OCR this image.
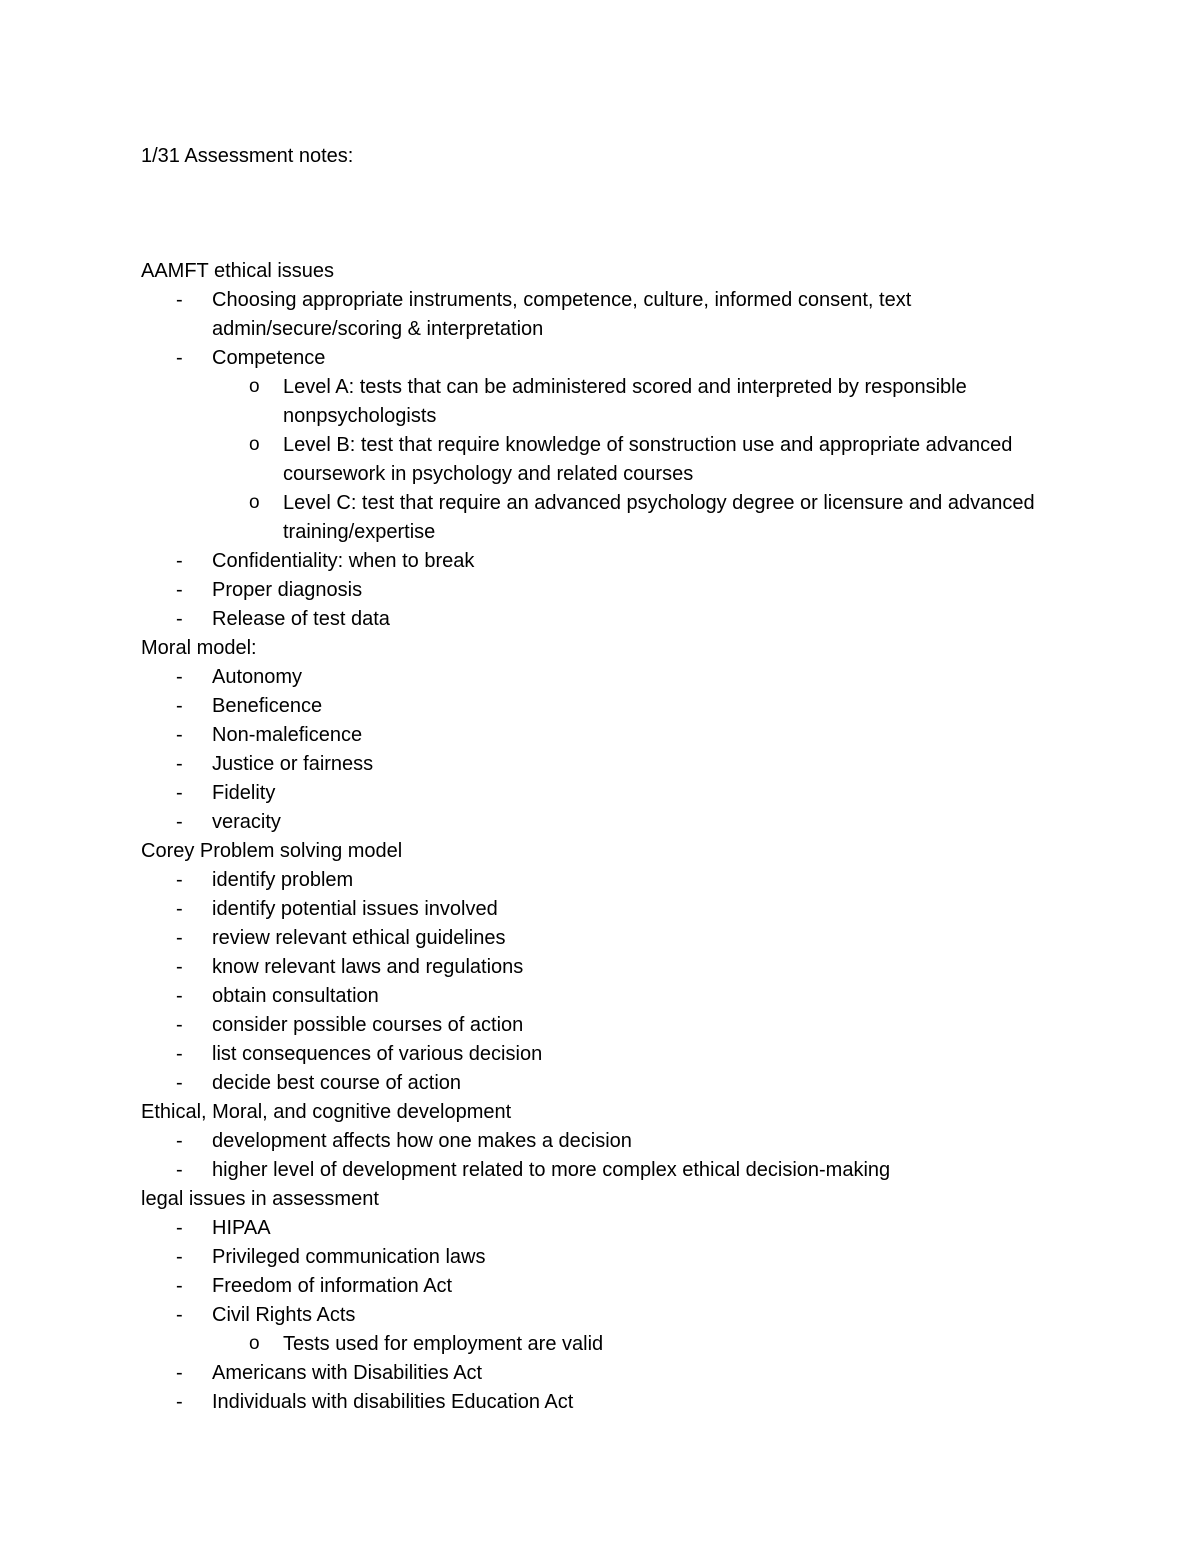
1/31 Assessment notes:
AAMFT ethical issues
- Choosing appropriate instruments, competence, culture, informed consent, text admin/secure/scoring & interpretation
- Competence
o Level A: tests that can be administered scored and interpreted by responsible nonpsychologists
o Level B: test that require knowledge of sonstruction use and appropriate advanced coursework in psychology and related courses
o Level C: test that require an advanced psychology degree or licensure and advanced training/expertise
- Confidentiality: when to break
- Proper diagnosis
- Release of test data
Moral model:
- Autonomy
- Beneficence
- Non-maleficence
- Justice or fairness
- Fidelity
- veracity
Corey Problem solving model
- identify problem
- identify potential issues involved
- review relevant ethical guidelines
- know relevant laws and regulations
- obtain consultation
- consider possible courses of action
- list consequences of various decision
- decide best course of action
Ethical, Moral, and cognitive development
- development affects how one makes a decision
- higher level of development related to more complex ethical decision-making
legal issues in assessment
- HIPAA
- Privileged communication laws
- Freedom of information Act
- Civil Rights Acts
o Tests used for employment are valid
- Americans with Disabilities Act
- Individuals with disabilities Education Act
